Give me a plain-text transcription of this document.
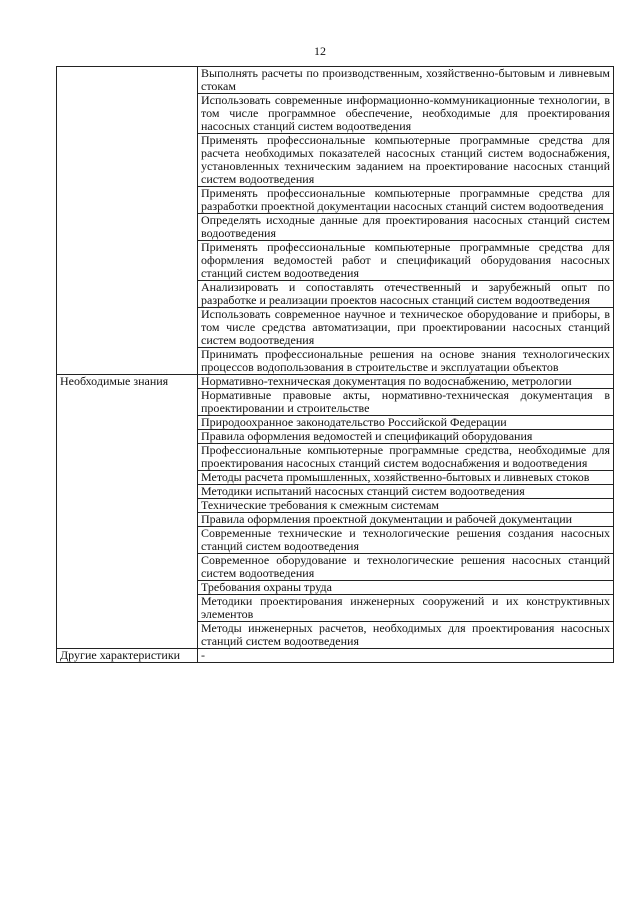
12
	Выполнять расчеты по производственным, хозяйственно-бытовым и ливневым стокам
	Использовать современные информационно-коммуникационные технологии, в том числе программное обеспечение, необходимые для проектирования насосных станций систем водоотведения
	Применять профессиональные компьютерные программные средства для расчета необходимых показателей насосных станций систем водоснабжения, установленных техническим заданием на проектирование насосных станций систем водоотведения
	Применять профессиональные компьютерные программные средства для разработки проектной документации насосных станций систем водоотведения
	Определять исходные данные для проектирования насосных станций систем водоотведения
	Применять профессиональные компьютерные программные средства для оформления ведомостей работ и спецификаций оборудования насосных станций систем водоотведения
	Анализировать и сопоставлять отечественный и зарубежный опыт по разработке и реализации проектов насосных станций систем водоотведения
	Использовать современное научное и техническое оборудование и приборы, в том числе средства автоматизации, при проектировании насосных станций систем водоотведения
	Принимать профессиональные решения на основе знания технологических процессов водопользования в строительстве и эксплуатации объектов
Необходимые знания	Нормативно-техническая документация по водоснабжению, метрологии
	Нормативные правовые акты, нормативно-техническая документация в проектировании и строительстве
	Природоохранное законодательство Российской Федерации
	Правила оформления ведомостей и спецификаций оборудования
	Профессиональные компьютерные программные средства, необходимые для проектирования насосных станций систем водоснабжения и водоотведения
	Методы расчета промышленных, хозяйственно-бытовых и ливневых стоков
	Методики испытаний насосных станций систем водоотведения
	Технические требования к смежным системам
	Правила оформления проектной документации и рабочей документации
	Современные технические и технологические решения создания насосных станций систем водоотведения
	Современное оборудование и технологические решения насосных станций систем водоотведения
	Требования охраны труда
	Методики проектирования инженерных сооружений и их конструктивных элементов
	Методы инженерных расчетов, необходимых для проектирования насосных станций систем водоотведения
Другие характеристики	-
